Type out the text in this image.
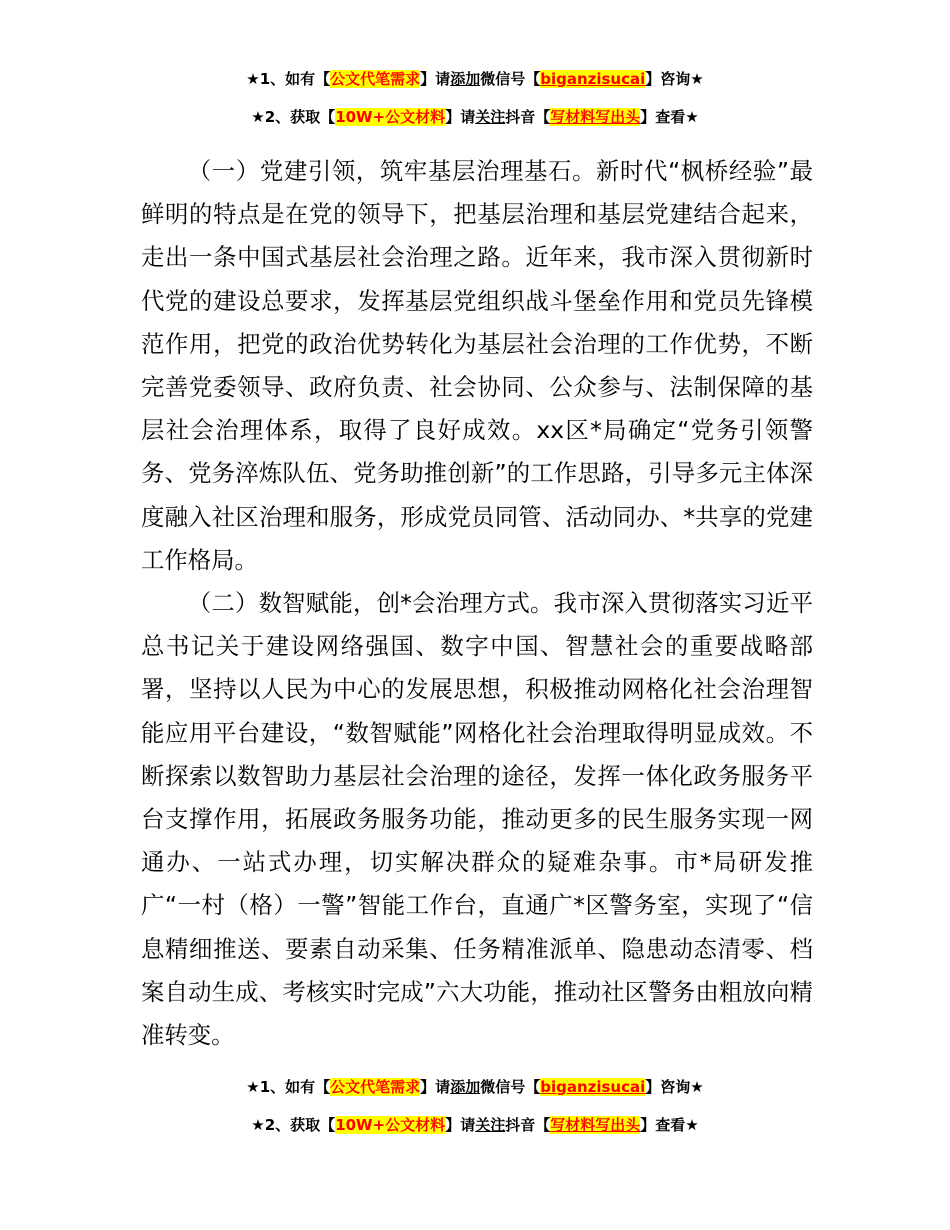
★1、如有【公文代笔需求】请添加微信号【biganzisucai】咨询★
★2、获取【10W+公文材料】请关注抖音【写材料写出头】查看★

（一）党建引领，筑牢基层治理基石。新时代“枫桥经验”最鲜明的特点是在党的领导下，把基层治理和基层党建结合起来，走出一条中国式基层社会治理之路。近年来，我市深入贯彻新时代党的建设总要求，发挥基层党组织战斗堡垒作用和党员先锋模范作用，把党的政治优势转化为基层社会治理的工作优势，不断完善党委领导、政府负责、社会协同、公众参与、法制保障的基层社会治理体系，取得了良好成效。xx区*局确定“党务引领警务、党务淬炼队伍、党务助推创新”的工作思路，引导多元主体深度融入社区治理和服务，形成党员同管、活动同办、*共享的党建工作格局。

（二）数智赋能，创*会治理方式。我市深入贯彻落实习近平总书记关于建设网络强国、数字中国、智慧社会的重要战略部署，坚持以人民为中心的发展思想，积极推动网格化社会治理智能应用平台建设，“数智赋能”网格化社会治理取得明显成效。不断探索以数智助力基层社会治理的途径，发挥一体化政务服务平台支撑作用，拓展政务服务功能，推动更多的民生服务实现一网通办、一站式办理，切实解决群众的疑难杂事。市*局研发推广“一村（格）一警”智能工作台，直通广*区警务室，实现了“信息精细推送、要素自动采集、任务精准派单、隐患动态清零、档案自动生成、考核实时完成”六大功能，推动社区警务由粗放向精准转变。

★1、如有【公文代笔需求】请添加微信号【biganzisucai】咨询★
★2、获取【10W+公文材料】请关注抖音【写材料写出头】查看★
